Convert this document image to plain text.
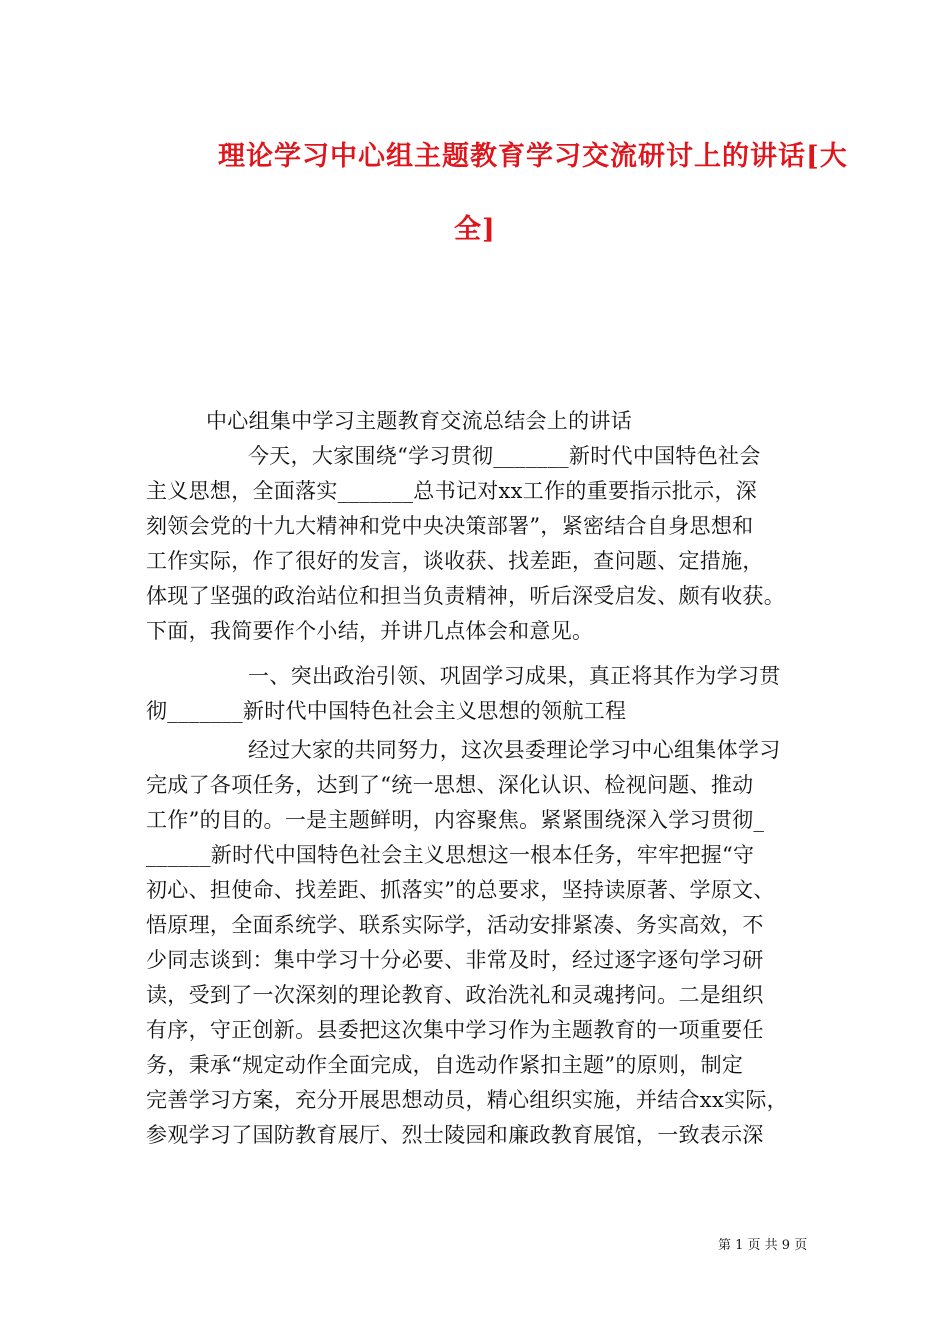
理论学习中心组主题教育学习交流研讨上的讲话[大
全]
中心组集中学习主题教育交流总结会上的讲话
今天，大家围绕“学习贯彻_______新时代中国特色社会
主义思想，全面落实_______总书记对xx工作的重要指示批示，深
刻领会党的十九大精神和党中央决策部署”，紧密结合自身思想和
工作实际，作了很好的发言，谈收获、找差距，查问题、定措施，
体现了坚强的政治站位和担当负责精神，听后深受启发、颇有收获。
下面，我简要作个小结，并讲几点体会和意见。
一、突出政治引领、巩固学习成果，真正将其作为学习贯
彻_______新时代中国特色社会主义思想的领航工程
经过大家的共同努力，这次县委理论学习中心组集体学习
完成了各项任务，达到了“统一思想、深化认识、检视问题、推动
工作”的目的。一是主题鲜明，内容聚焦。紧紧围绕深入学习贯彻_
______新时代中国特色社会主义思想这一根本任务，牢牢把握“守
初心、担使命、找差距、抓落实”的总要求，坚持读原著、学原文、
悟原理，全面系统学、联系实际学，活动安排紧凑、务实高效，不
少同志谈到：集中学习十分必要、非常及时，经过逐字逐句学习研
读，受到了一次深刻的理论教育、政治洗礼和灵魂拷问。二是组织
有序，守正创新。县委把这次集中学习作为主题教育的一项重要任
务，秉承“规定动作全面完成，自选动作紧扣主题”的原则，制定
完善学习方案，充分开展思想动员，精心组织实施，并结合xx实际，
参观学习了国防教育展厅、烈士陵园和廉政教育展馆，一致表示深
第 1 页 共 9 页
